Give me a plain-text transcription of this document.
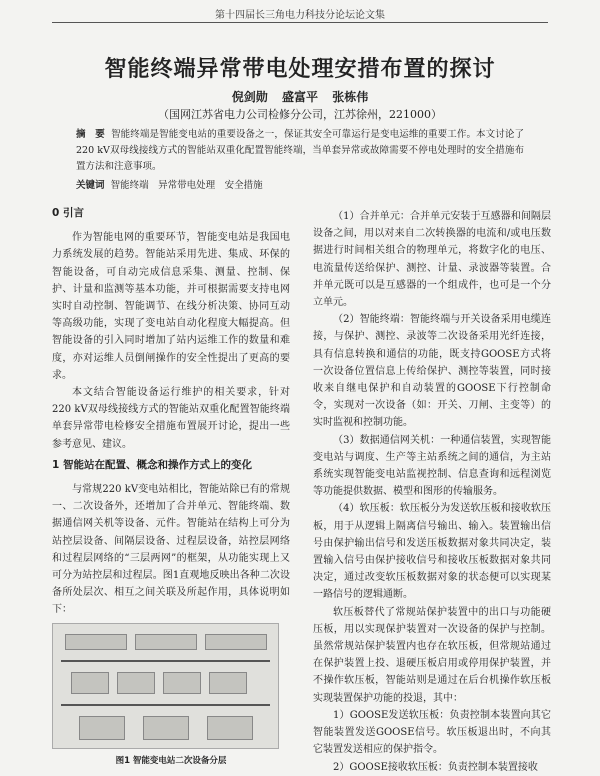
第十四届长三角电力科技分论坛论文集
智能终端异常带电处理安措布置的探讨
倪剑勋 盛富平 张栋伟
（国网江苏省电力公司检修分公司，江苏徐州，221000）
摘　要 智能终端是智能变电站的重要设备之一，保证其安全可靠运行是变电运维的重要工作。本文讨论了220 kV双母线接线方式的智能站双重化配置智能终端，当单套异常或故障需要不停电处理时的安全措施布置方法和注意事项。
关键词 智能终端　异常带电处理　安全措施
0 引言

作为智能电网的重要环节，智能变电站是我国电力系统发展的趋势。智能站采用先进、集成、环保的智能设备，可自动完成信息采集、测量、控制、保护、计量和监测等基本功能，并可根据需要支持电网实时自动控制、智能调节、在线分析决策、协同互动等高级功能，实现了变电站自动化程度大幅提高。但智能设备的引入同时增加了站内运维工作的数量和难度，亦对运维人员倒闸操作的安全性提出了更高的要求。

本文结合智能设备运行维护的相关要求，针对220 kV双母线接线方式的智能站双重化配置智能终端单套异常带电检修安全措施布置展开讨论，提出一些参考意见、建议。

1 智能站在配置、概念和操作方式上的变化

与常规220 kV变电站相比，智能站除已有的常规一、二次设备外，还增加了合并单元、智能终端、数据通信网关机等设备、元件。智能站在结构上可分为站控层设备、间隔层设备、过程层设备，站控层网络和过程层网络的“三层两网”的框架，从功能实现上又可分为站控层和过程层。图1直观地反映出各种二次设备所处层次、相互之间关联及所起作用，具体说明如下：

图1 智能变电站二次设备分层

（1）合并单元：合并单元安装于互感器和间隔层设备之间，用以对来自二次转换器的电流和/或电压数据进行时间相关组合的物理单元，将数字化的电压、电流量传送给保护、测控、计量、录波器等装置。合并单元既可以是互感器的一个组成件，也可是一个分立单元。

（2）智能终端：智能终端与开关设备采用电缆连接，与保护、测控、录波等二次设备采用光纤连接，具有信息转换和通信的功能，既支持GOOSE方式将一次设备位置信息上传给保护、测控等装置，同时接收来自继电保护和自动装置的GOOSE下行控制命令，实现对一次设备（如：开关、刀闸、主变等）的实时监视和控制功能。

（3）数据通信网关机：一种通信装置，实现智能变电站与调度、生产等主站系统之间的通信，为主站系统实现智能变电站监视控制、信息查询和远程浏览等功能提供数据、模型和图形的传输服务。

（4）软压板：软压板分为发送软压板和接收软压板，用于从逻辑上隔离信号输出、输入。装置输出信号由保护输出信号和发送压板数据对象共同决定，装置输入信号由保护接收信号和接收压板数据对象共同决定，通过改变软压板数据对象的状态便可以实现某一路信号的逻辑通断。

软压板替代了常规站保护装置中的出口与功能硬压板，用以实现保护装置对一次设备的保护与控制。虽然常规站保护装置内也存在软压板，但常规站通过在保护装置上投、退硬压板启用或停用保护装置，并不操作软压板，智能站则是通过在后台机操作软压板实现装置保护功能的投退，其中：

1）GOOSE发送软压板：负责控制本装置向其它智能装置发送GOOSE信号。软压板退出时，不向其它装置发送相应的保护指令。

2）GOOSE接收软压板：负责控制本装置接收
